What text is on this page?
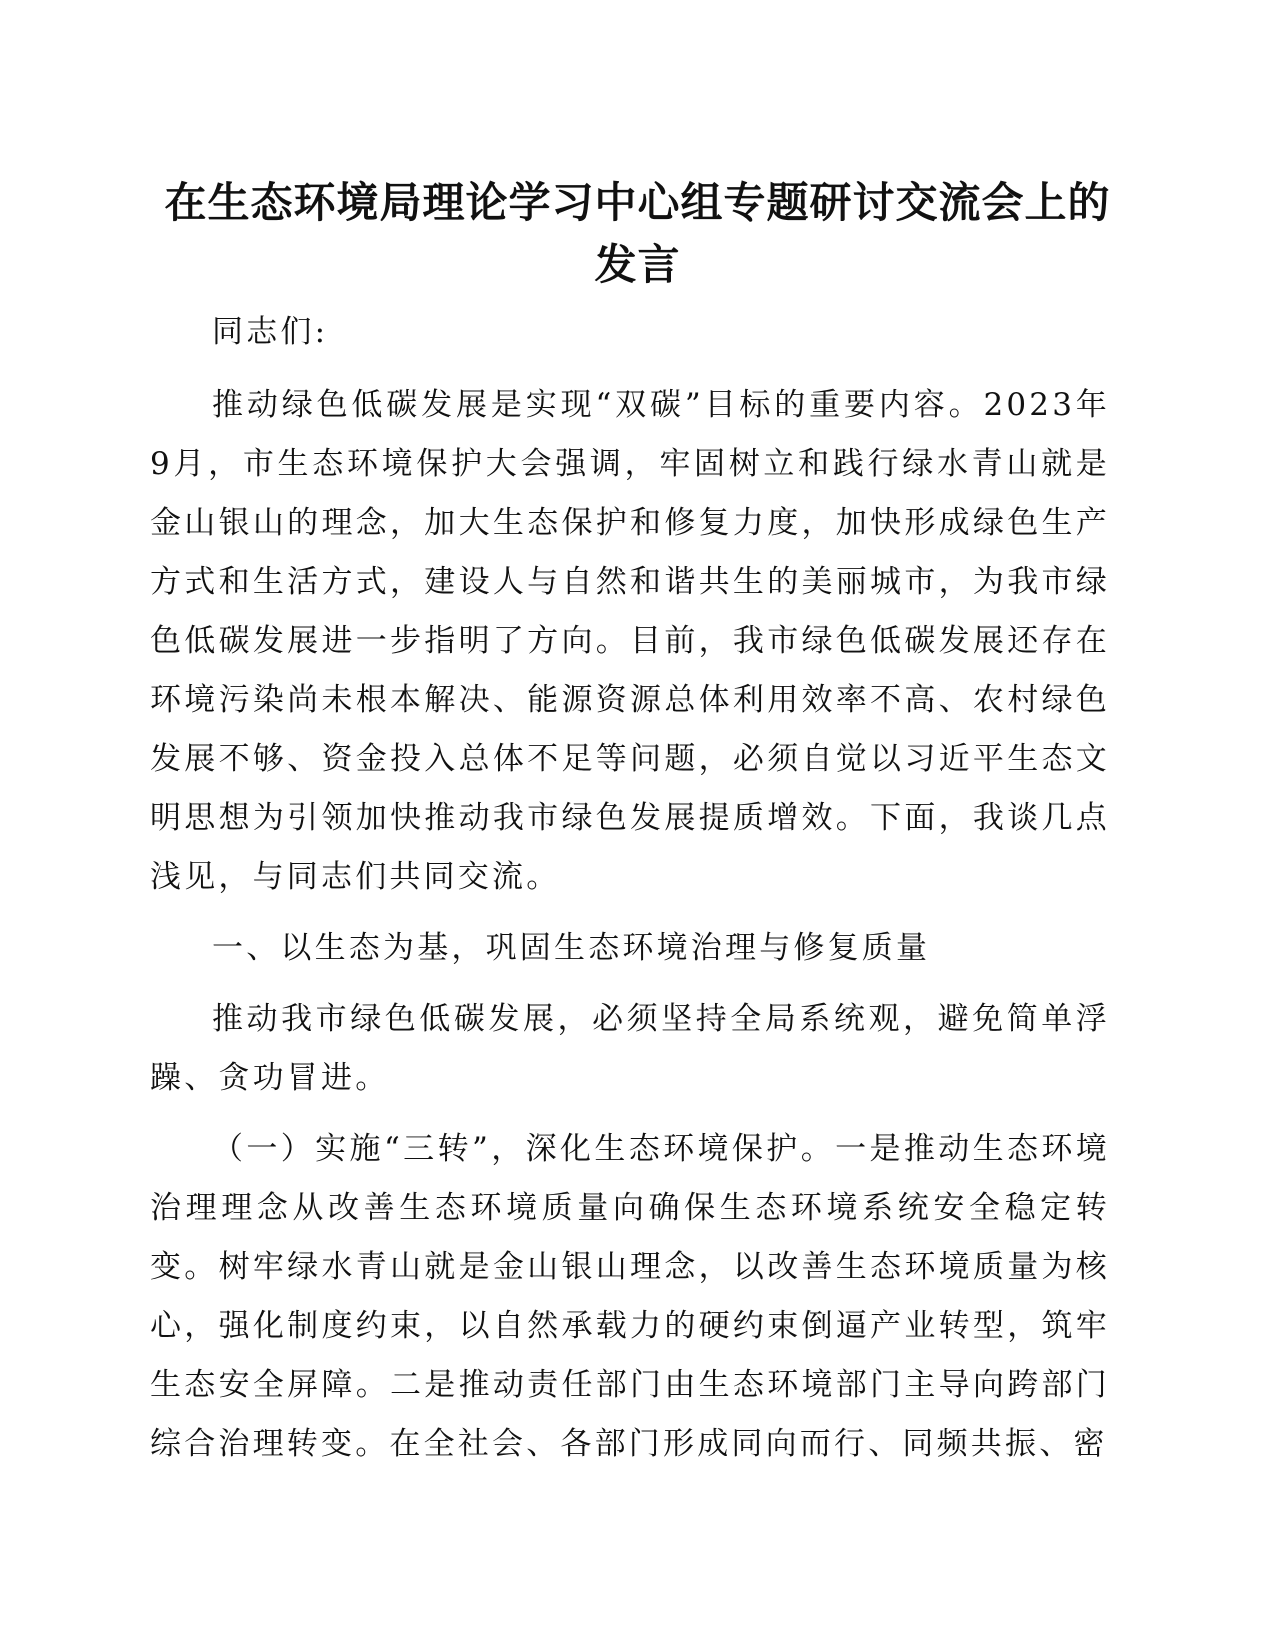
在生态环境局理论学习中心组专题研讨交流会上的发言

同志们:

推动绿色低碳发展是实现“双碳”目标的重要内容。2023年9月，市生态环境保护大会强调，牢固树立和践行绿水青山就是金山银山的理念，加大生态保护和修复力度，加快形成绿色生产方式和生活方式，建设人与自然和谐共生的美丽城市，为我市绿色低碳发展进一步指明了方向。目前，我市绿色低碳发展还存在环境污染尚未根本解决、能源资源总体利用效率不高、农村绿色发展不够、资金投入总体不足等问题，必须自觉以习近平生态文明思想为引领加快推动我市绿色发展提质增效。下面，我谈几点浅见，与同志们共同交流。

一、以生态为基，巩固生态环境治理与修复质量

推动我市绿色低碳发展，必须坚持全局系统观，避免简单浮躁、贪功冒进。

（一）实施“三转”，深化生态环境保护。一是推动生态环境治理理念从改善生态环境质量向确保生态环境系统安全稳定转变。树牢绿水青山就是金山银山理念，以改善生态环境质量为核心，强化制度约束，以自然承载力的硬约束倒逼产业转型，筑牢生态安全屏障。二是推动责任部门由生态环境部门主导向跨部门综合治理转变。在全社会、各部门形成同向而行、同频共振、密
